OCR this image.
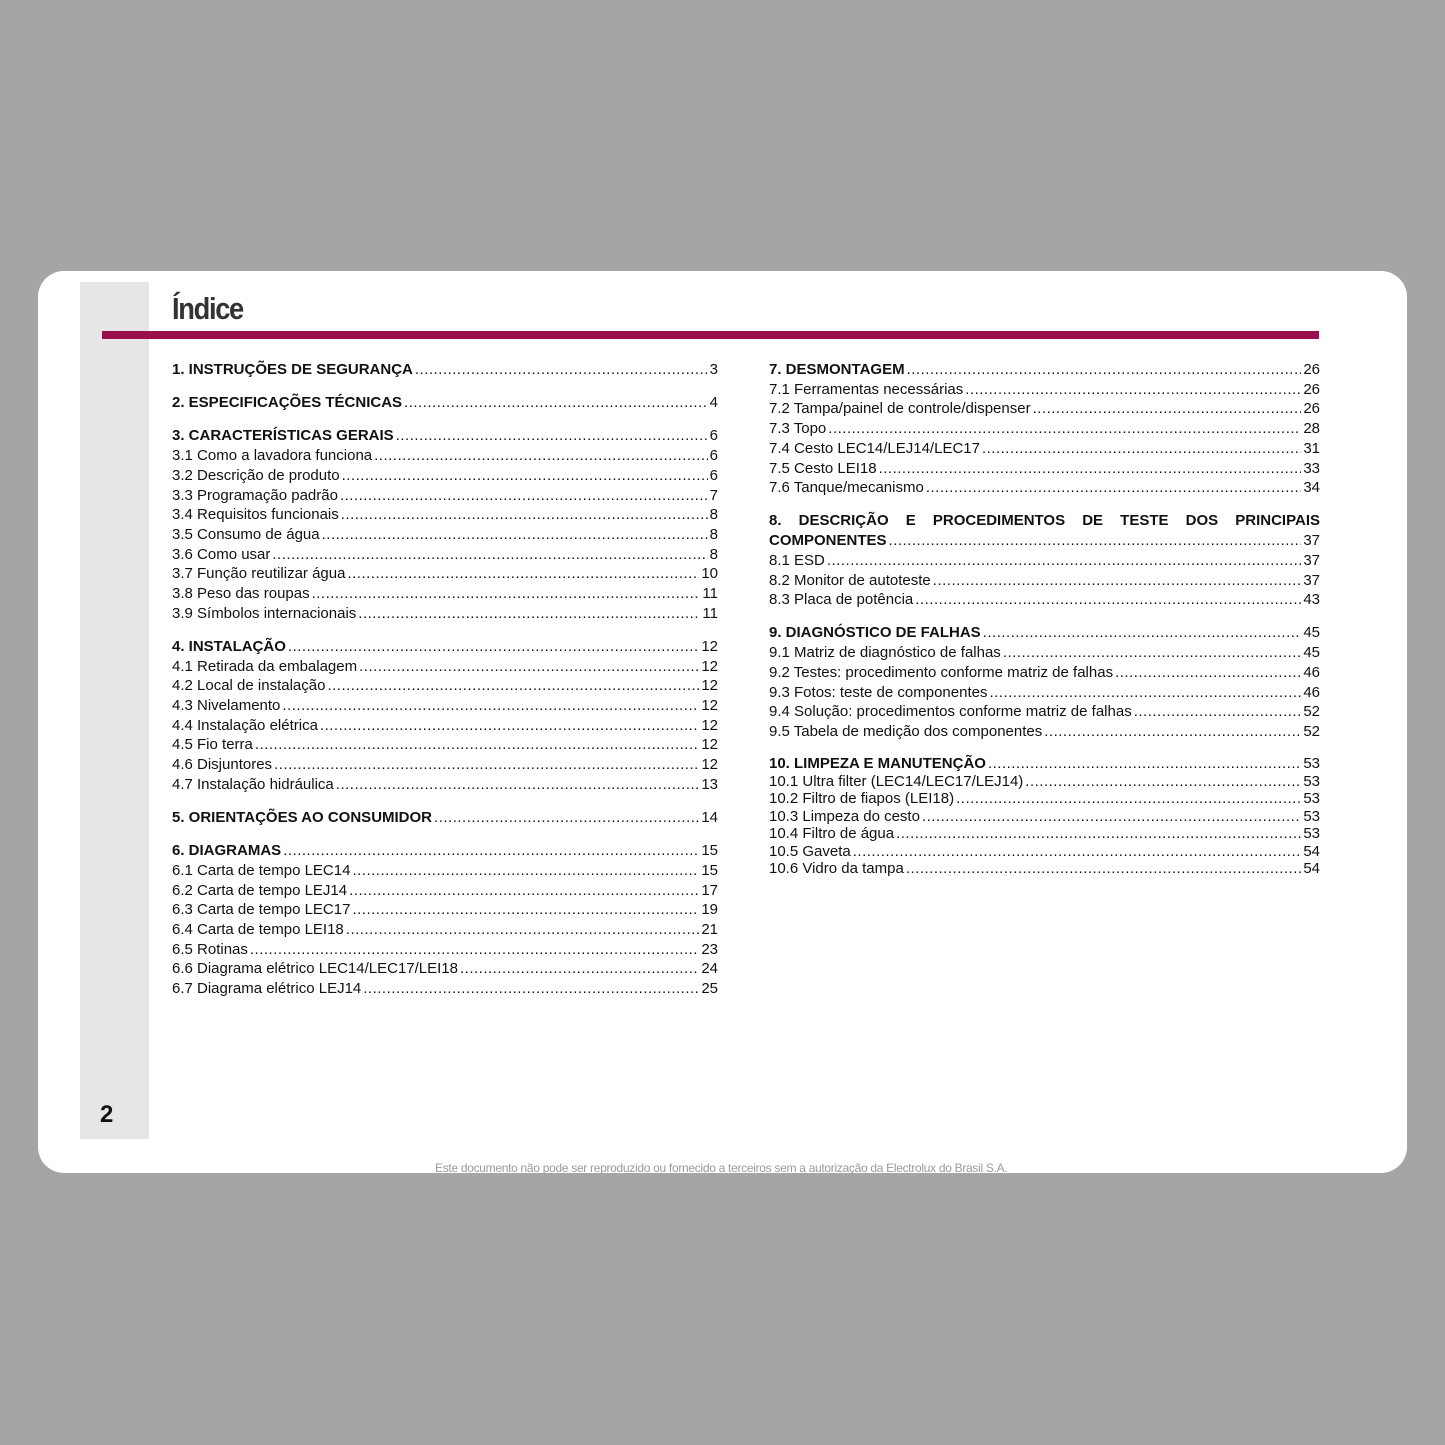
2
Índice
1. INSTRUÇÕES DE SEGURANÇA .....	3
2. ESPECIFICAÇÕES TÉCNICAS .....	4
3. CARACTERÍSTICAS GERAIS .....	6
3.1 Como a lavadora funciona .....	6
3.2 Descrição de produto .....	6
3.3 Programação padrão .....	7
3.4 Requisitos funcionais .....	8
3.5 Consumo de água .....	8
3.6 Como usar .....	8
3.7 Função reutilizar água .....	10
3.8 Peso das roupas .....	11
3.9 Símbolos internacionais .....	11
4. INSTALAÇÃO .....	12
4.1 Retirada da embalagem .....	12
4.2 Local de instalação .....	12
4.3 Nivelamento .....	12
4.4 Instalação elétrica .....	12
4.5 Fio terra .....	12
4.6 Disjuntores .....	12
4.7 Instalação hidráulica .....	13
5. ORIENTAÇÕES AO CONSUMIDOR .....	14
6. DIAGRAMAS .....	15
6.1 Carta de tempo LEC14 .....	15
6.2 Carta de tempo LEJ14 .....	17
6.3 Carta de tempo LEC17 .....	19
6.4 Carta de tempo LEI18 .....	21
6.5 Rotinas .....	23
6.6 Diagrama elétrico LEC14/LEC17/LEI18 .....	24
6.7 Diagrama elétrico LEJ14 .....	25
7. DESMONTAGEM .....	26
7.1 Ferramentas necessárias .....	26
7.2 Tampa/painel de controle/dispenser .....	26
7.3 Topo .....	28
7.4 Cesto LEC14/LEJ14/LEC17 .....	31
7.5 Cesto LEI18 .....	33
7.6 Tanque/mecanismo .....	34
8. DESCRIÇÃO E PROCEDIMENTOS DE TESTE DOS PRINCIPAIS
COMPONENTES .....	37
8.1 ESD .....	37
8.2 Monitor de autoteste .....	37
8.3 Placa de potência .....	43
9. DIAGNÓSTICO DE FALHAS .....	45
9.1 Matriz de diagnóstico de falhas .....	45
9.2 Testes: procedimento conforme matriz de falhas .....	46
9.3 Fotos: teste de componentes .....	46
9.4 Solução: procedimentos conforme matriz de falhas .....	52
9.5 Tabela de medição dos componentes .....	52
10. LIMPEZA E MANUTENÇÃO .....	53
10.1 Ultra filter (LEC14/LEC17/LEJ14) .....	53
10.2 Filtro de fiapos (LEI18) .....	53
10.3 Limpeza do cesto .....	53
10.4 Filtro de água .....	53
10.5 Gaveta .....	54
10.6 Vidro da tampa .....	54
Este documento não pode ser reproduzido ou fornecido a terceiros sem a autorização da Electrolux do Brasil S.A.
